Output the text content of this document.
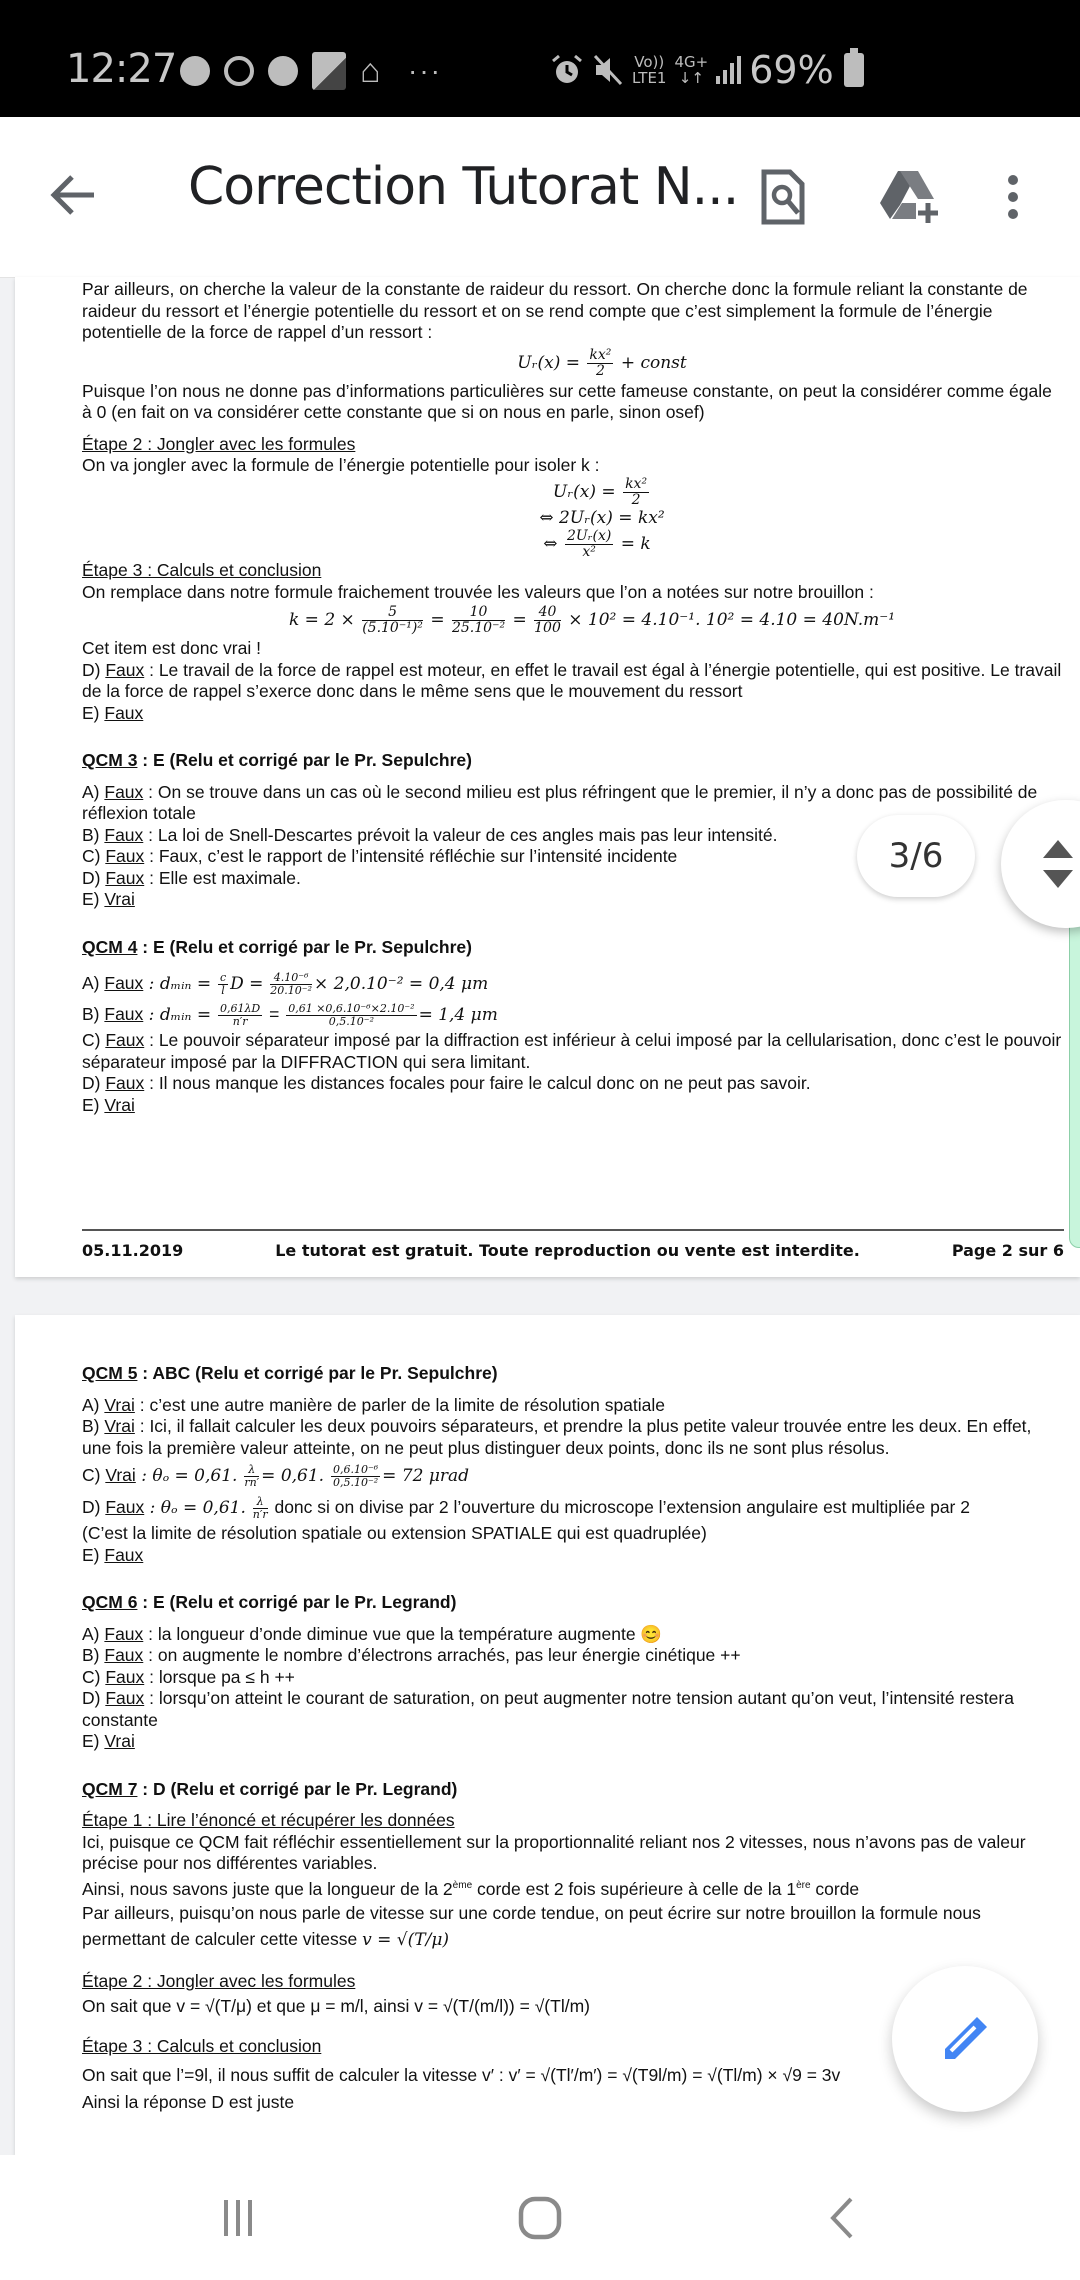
12:27	⌂ ···	Vo))
LTE1
4G+
↓↑ 69%
Correction Tutorat N...

Par ailleurs, on cherche la valeur de la constante de raideur du ressort. On cherche donc la formule reliant la constante de raideur du ressort et l’énergie potentielle du ressort et on se rend compte que c’est simplement la formule de l’énergie potentielle de la force de rappel d’un ressort :

Uᵣ(x) = $\frac{\text{kx²}}{2}$ + const

Puisque l’on nous ne donne pas d’informations particulières sur cette fameuse constante, on peut la considérer comme égale à 0 (en fait on va considérer cette constante que si on nous en parle, sinon osef)

Étape 2 : Jongler avec les formules

On va jongler avec la formule de l’énergie potentielle pour isoler k :

Uᵣ(x) = $\frac{\text{kx²}}{2}$

⇔ 2Uᵣ(x) = kx²

⇔ $\frac{\text{2Uᵣ(x)}}{\text{x²}} = k$

Étape 3 : Calculs et conclusion

On remplace dans notre formule fraichement trouvée les valeurs que l’on a notées sur notre brouillon :

$k = 2 \times \frac{5}{\text{(5.10⁻¹)²}} = \frac{10}{\text{25.10⁻²}} = \frac{40}{100} \times 10^2 = 4.10^{-1}$. 10² = 4.10 = 40N.m⁻¹

Cet item est donc vrai !

D) Faux : Le travail de la force de rappel est moteur, en effet le travail est égal à l’énergie potentielle, qui est positive. Le travail de la force de rappel s’exerce donc dans le même sens que le mouvement du ressort

E) Faux

QCM 3 : E (Relu et corrigé par le Pr. Sepulchre)

A) Faux : On se trouve dans un cas où le second milieu est plus réfringent que le premier, il n’y a donc pas de possibilité de réflexion totale

B) Faux : La loi de Snell-Descartes prévoit la valeur de ces angles mais pas leur intensité.

C) Faux : Faux, c’est le rapport de l’intensité réfléchie sur l’intensité incidente

D) Faux : Elle est maximale.

E) Vrai

QCM 4 : E (Relu et corrigé par le Pr. Sepulchre)

A) Faux : dₘᵢₙ = $\frac{c}{l}$ $D = \frac{\text{4.10⁻⁶}}{\text{20.10⁻²}} \times 2,0.10^{-2} = 0,4$ μm

B) Faux : dₘᵢₙ = $\frac{0,61\lambda D}{n'r} = \frac{\text{0,61 ×0,6.10⁻⁶×2.10⁻²}}{\text{0,5.10⁻²}} = 1,4$ μm

C) Faux : Le pouvoir séparateur imposé par la diffraction est inférieur à celui imposé par la cellularisation, donc c’est le pouvoir séparateur imposé par la DIFFRACTION qui sera limitant.

D) Faux : Il nous manque les distances focales pour faire le calcul donc on ne peut pas savoir.

E) Vrai

05.11.2019	Le tutorat est gratuit. Toute reproduction ou vente est interdite.	Page 2 sur 6

QCM 5 : ABC (Relu et corrigé par le Pr. Sepulchre)

A) Vrai : c’est une autre manière de parler de la limite de résolution spatiale

B) Vrai : Ici, il fallait calculer les deux pouvoirs séparateurs, et prendre la plus petite valeur trouvée entre les deux. En effet, une fois la première valeur atteinte, on ne peut plus distinguer deux points, donc ils ne sont plus résolus.

C) Vrai : θₒ = 0,61. $\frac{\lambda}{rn'} = 0,61$. $\frac{\text{0,6.10⁻⁶}}{\text{0,5.10⁻²}} = 72$ μrad

D) Faux : θₒ = 0,61. $\frac{\lambda}{n'r}$ donc si on divise par 2 l’ouverture du microscope l’extension angulaire est multipliée par 2

(C’est la limite de résolution spatiale ou extension SPATIALE qui est quadruplée)

E) Faux

QCM 6 : E (Relu et corrigé par le Pr. Legrand)

A) Faux : la longueur d’onde diminue vue que la température augmente 😊

B) Faux : on augmente le nombre d’électrons arrachés, pas leur énergie cinétique ++

C) Faux : lorsque pa ≤ h ++

D) Faux : lorsqu’on atteint le courant de saturation, on peut augmenter notre tension autant qu’on veut, l’intensité restera constante

E) Vrai

QCM 7 : D (Relu et corrigé par le Pr. Legrand)

Étape 1 : Lire l’énoncé et récupérer les données

Ici, puisque ce QCM fait réfléchir essentiellement sur la proportionnalité reliant nos 2 vitesses, nous n’avons pas de valeur précise pour nos différentes variables.

Ainsi, nous savons juste que la longueur de la 2ème corde est 2 fois supérieure à celle de la 1ère corde

Par ailleurs, puisqu’on nous parle de vitesse sur une corde tendue, on peut écrire sur notre brouillon la formule nous permettant de calculer cette vitesse v = √(T/μ)

Étape 2 : Jongler avec les formules

On sait que v = √(T/μ) et que μ = m/l, ainsi v = √(T/(m/l)) = √(Tl/m)

Étape 3 : Calculs et conclusion

On sait que l’=9l, il nous suffit de calculer la vitesse v′ : v′ = √(Tl′/m′) = √(T9l/m) = √(Tl/m) × √9 = 3v

Ainsi la réponse D est juste

3/6
